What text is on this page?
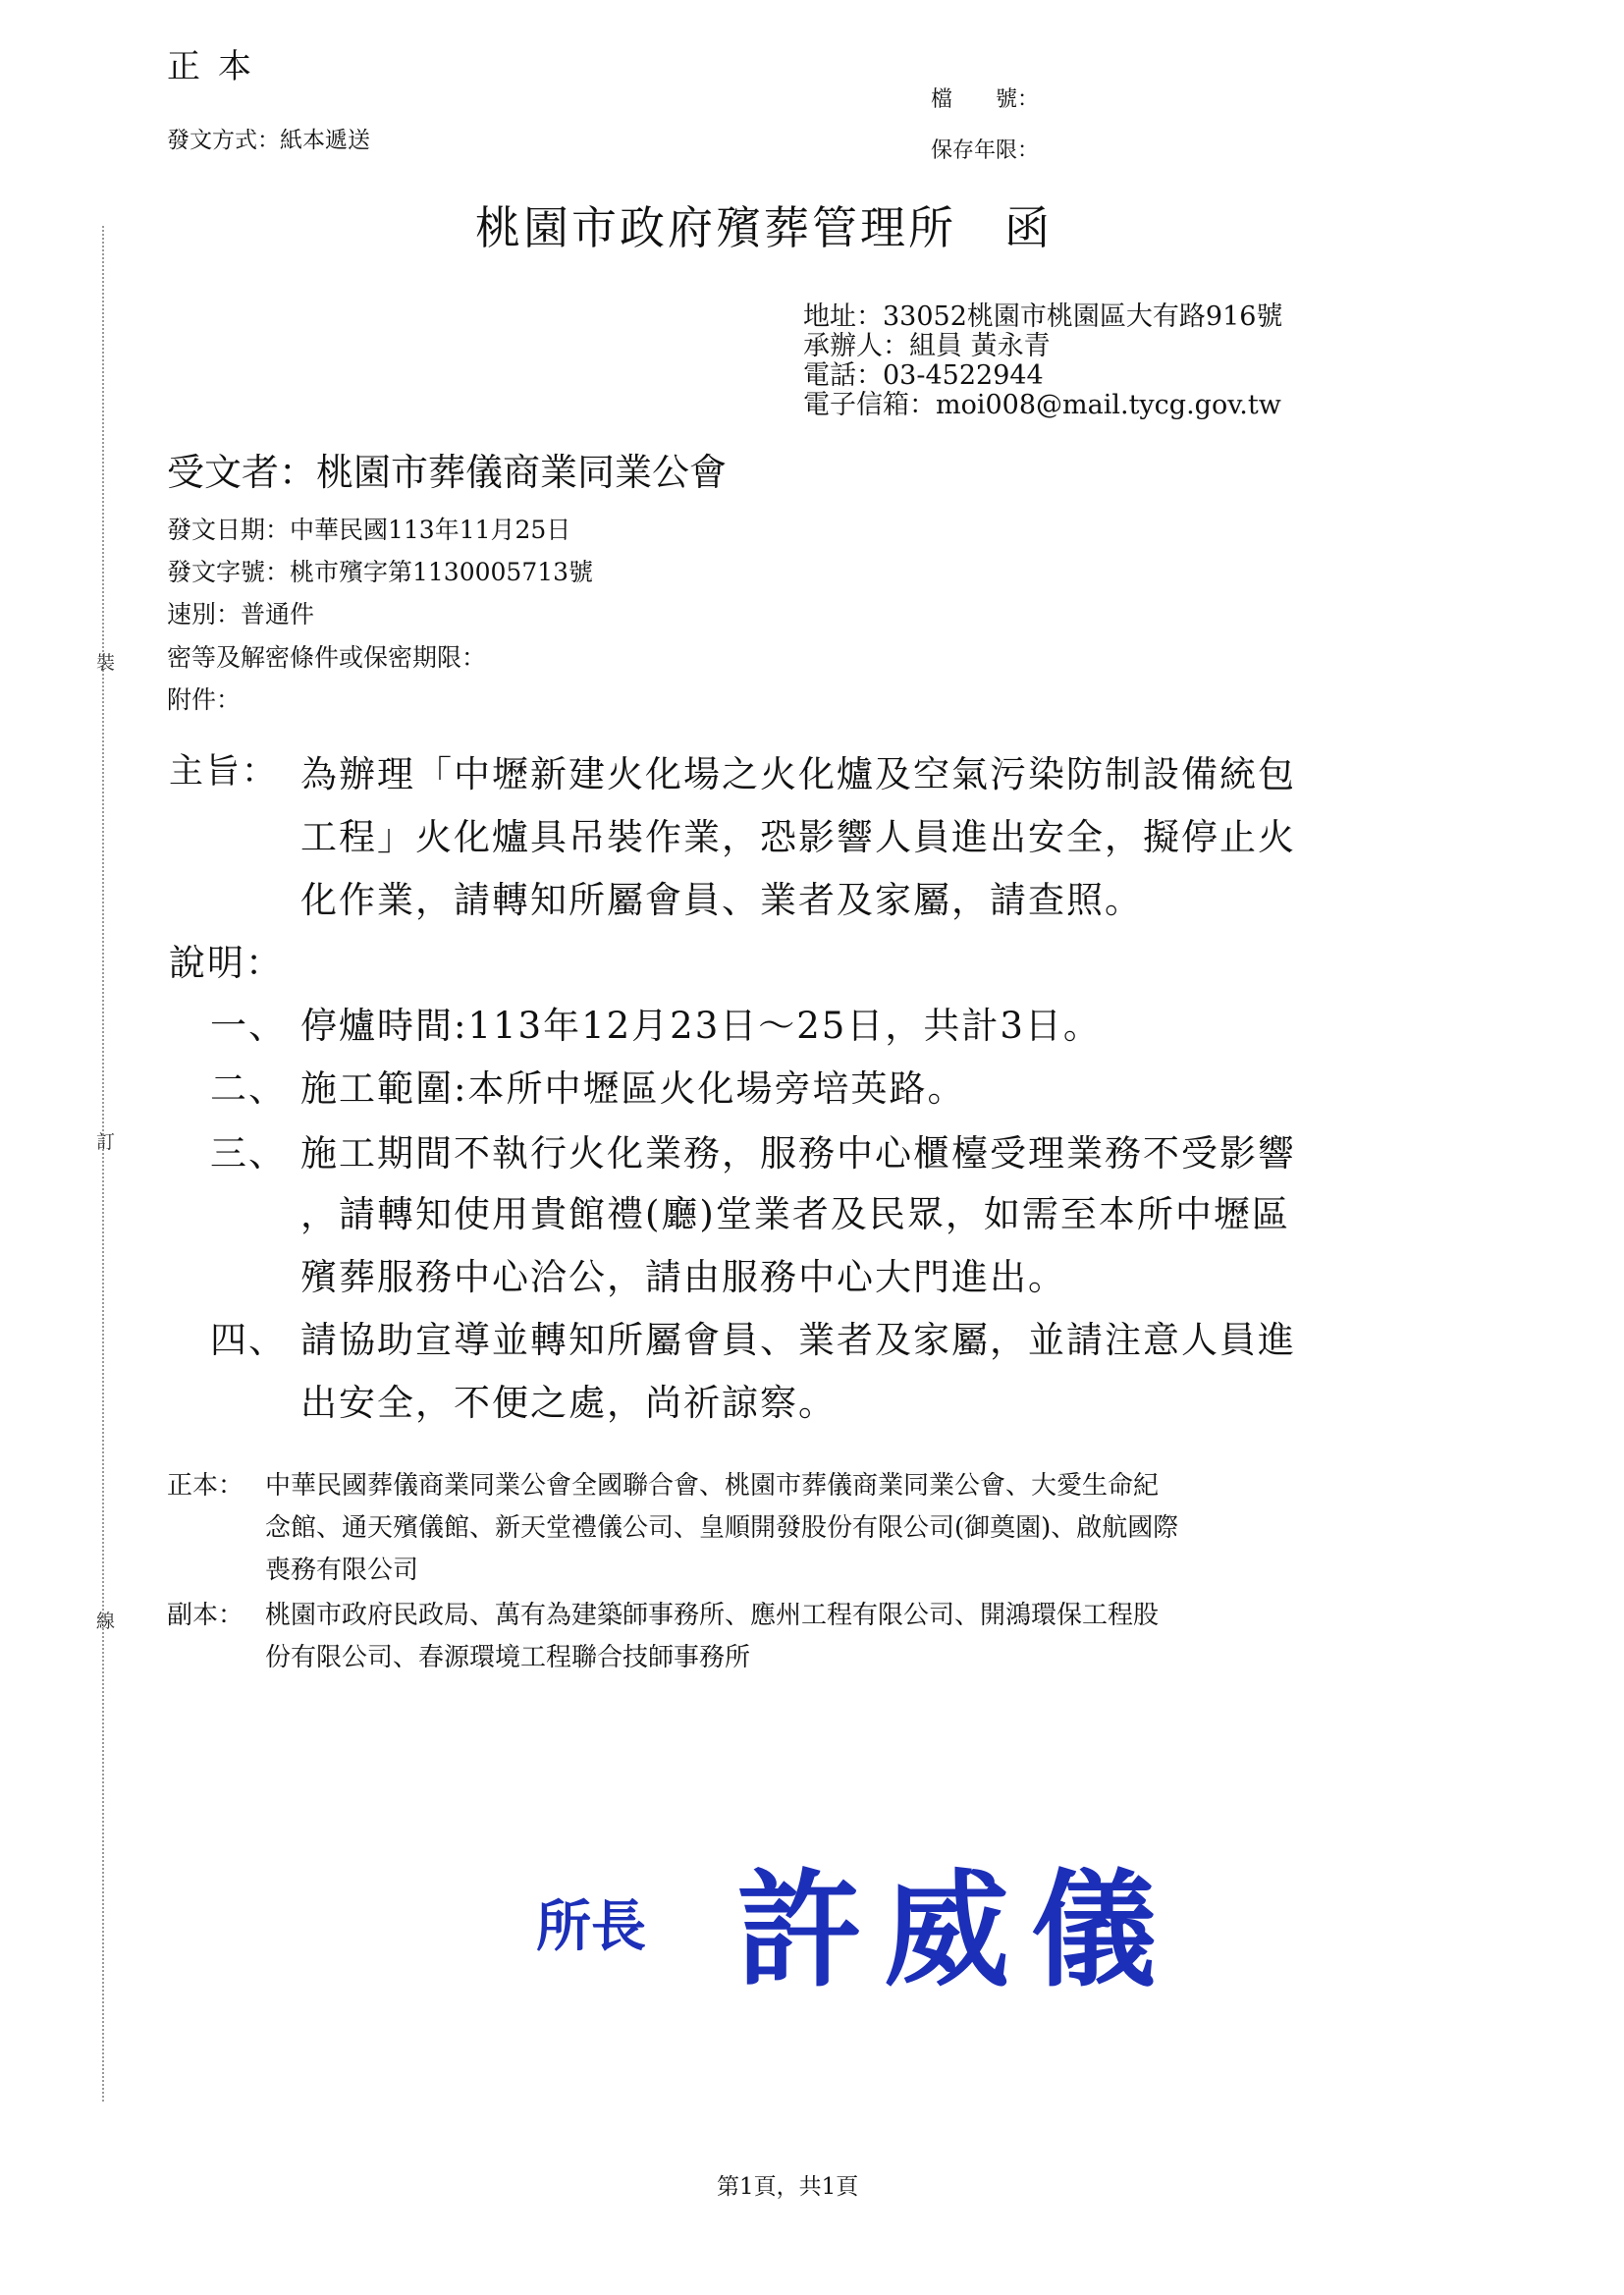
正本
發文方式：紙本遞送
檔　　號：
保存年限：
桃園市政府殯葬管理所　函
地址：33052桃園市桃園區大有路916號
承辦人：組員 黃永青
電話：03-4522944
電子信箱：moi008@mail.tycg.gov.tw
受文者：桃園市葬儀商業同業公會
發文日期：中華民國113年11月25日
發文字號：桃市殯字第1130005713號
速別：普通件
密等及解密條件或保密期限：
附件：
裝
訂
線
主旨： 為辦理「中壢新建火化場之火化爐及空氣污染防制設備統包
工程」火化爐具吊裝作業，恐影響人員進出安全，擬停止火
化作業，請轉知所屬會員、業者及家屬，請查照。
說明：
一、 停爐時間:113年12月23日～25日，共計3日。
二、 施工範圍:本所中壢區火化場旁培英路。
三、 施工期間不執行火化業務，服務中心櫃檯受理業務不受影響
，請轉知使用貴館禮(廳)堂業者及民眾，如需至本所中壢區
殯葬服務中心洽公，請由服務中心大門進出。
四、 請協助宣導並轉知所屬會員、業者及家屬，並請注意人員進
出安全，不便之處，尚祈諒察。
正本： 中華民國葬儀商業同業公會全國聯合會、桃園市葬儀商業同業公會、大愛生命紀
念館、通天殯儀館、新天堂禮儀公司、皇順開發股份有限公司(御奠園)、啟航國際
喪務有限公司
副本： 桃園市政府民政局、萬有為建築師事務所、應州工程有限公司、開鴻環保工程股
份有限公司、春源環境工程聯合技師事務所
所長 許威儀
第1頁，共1頁
